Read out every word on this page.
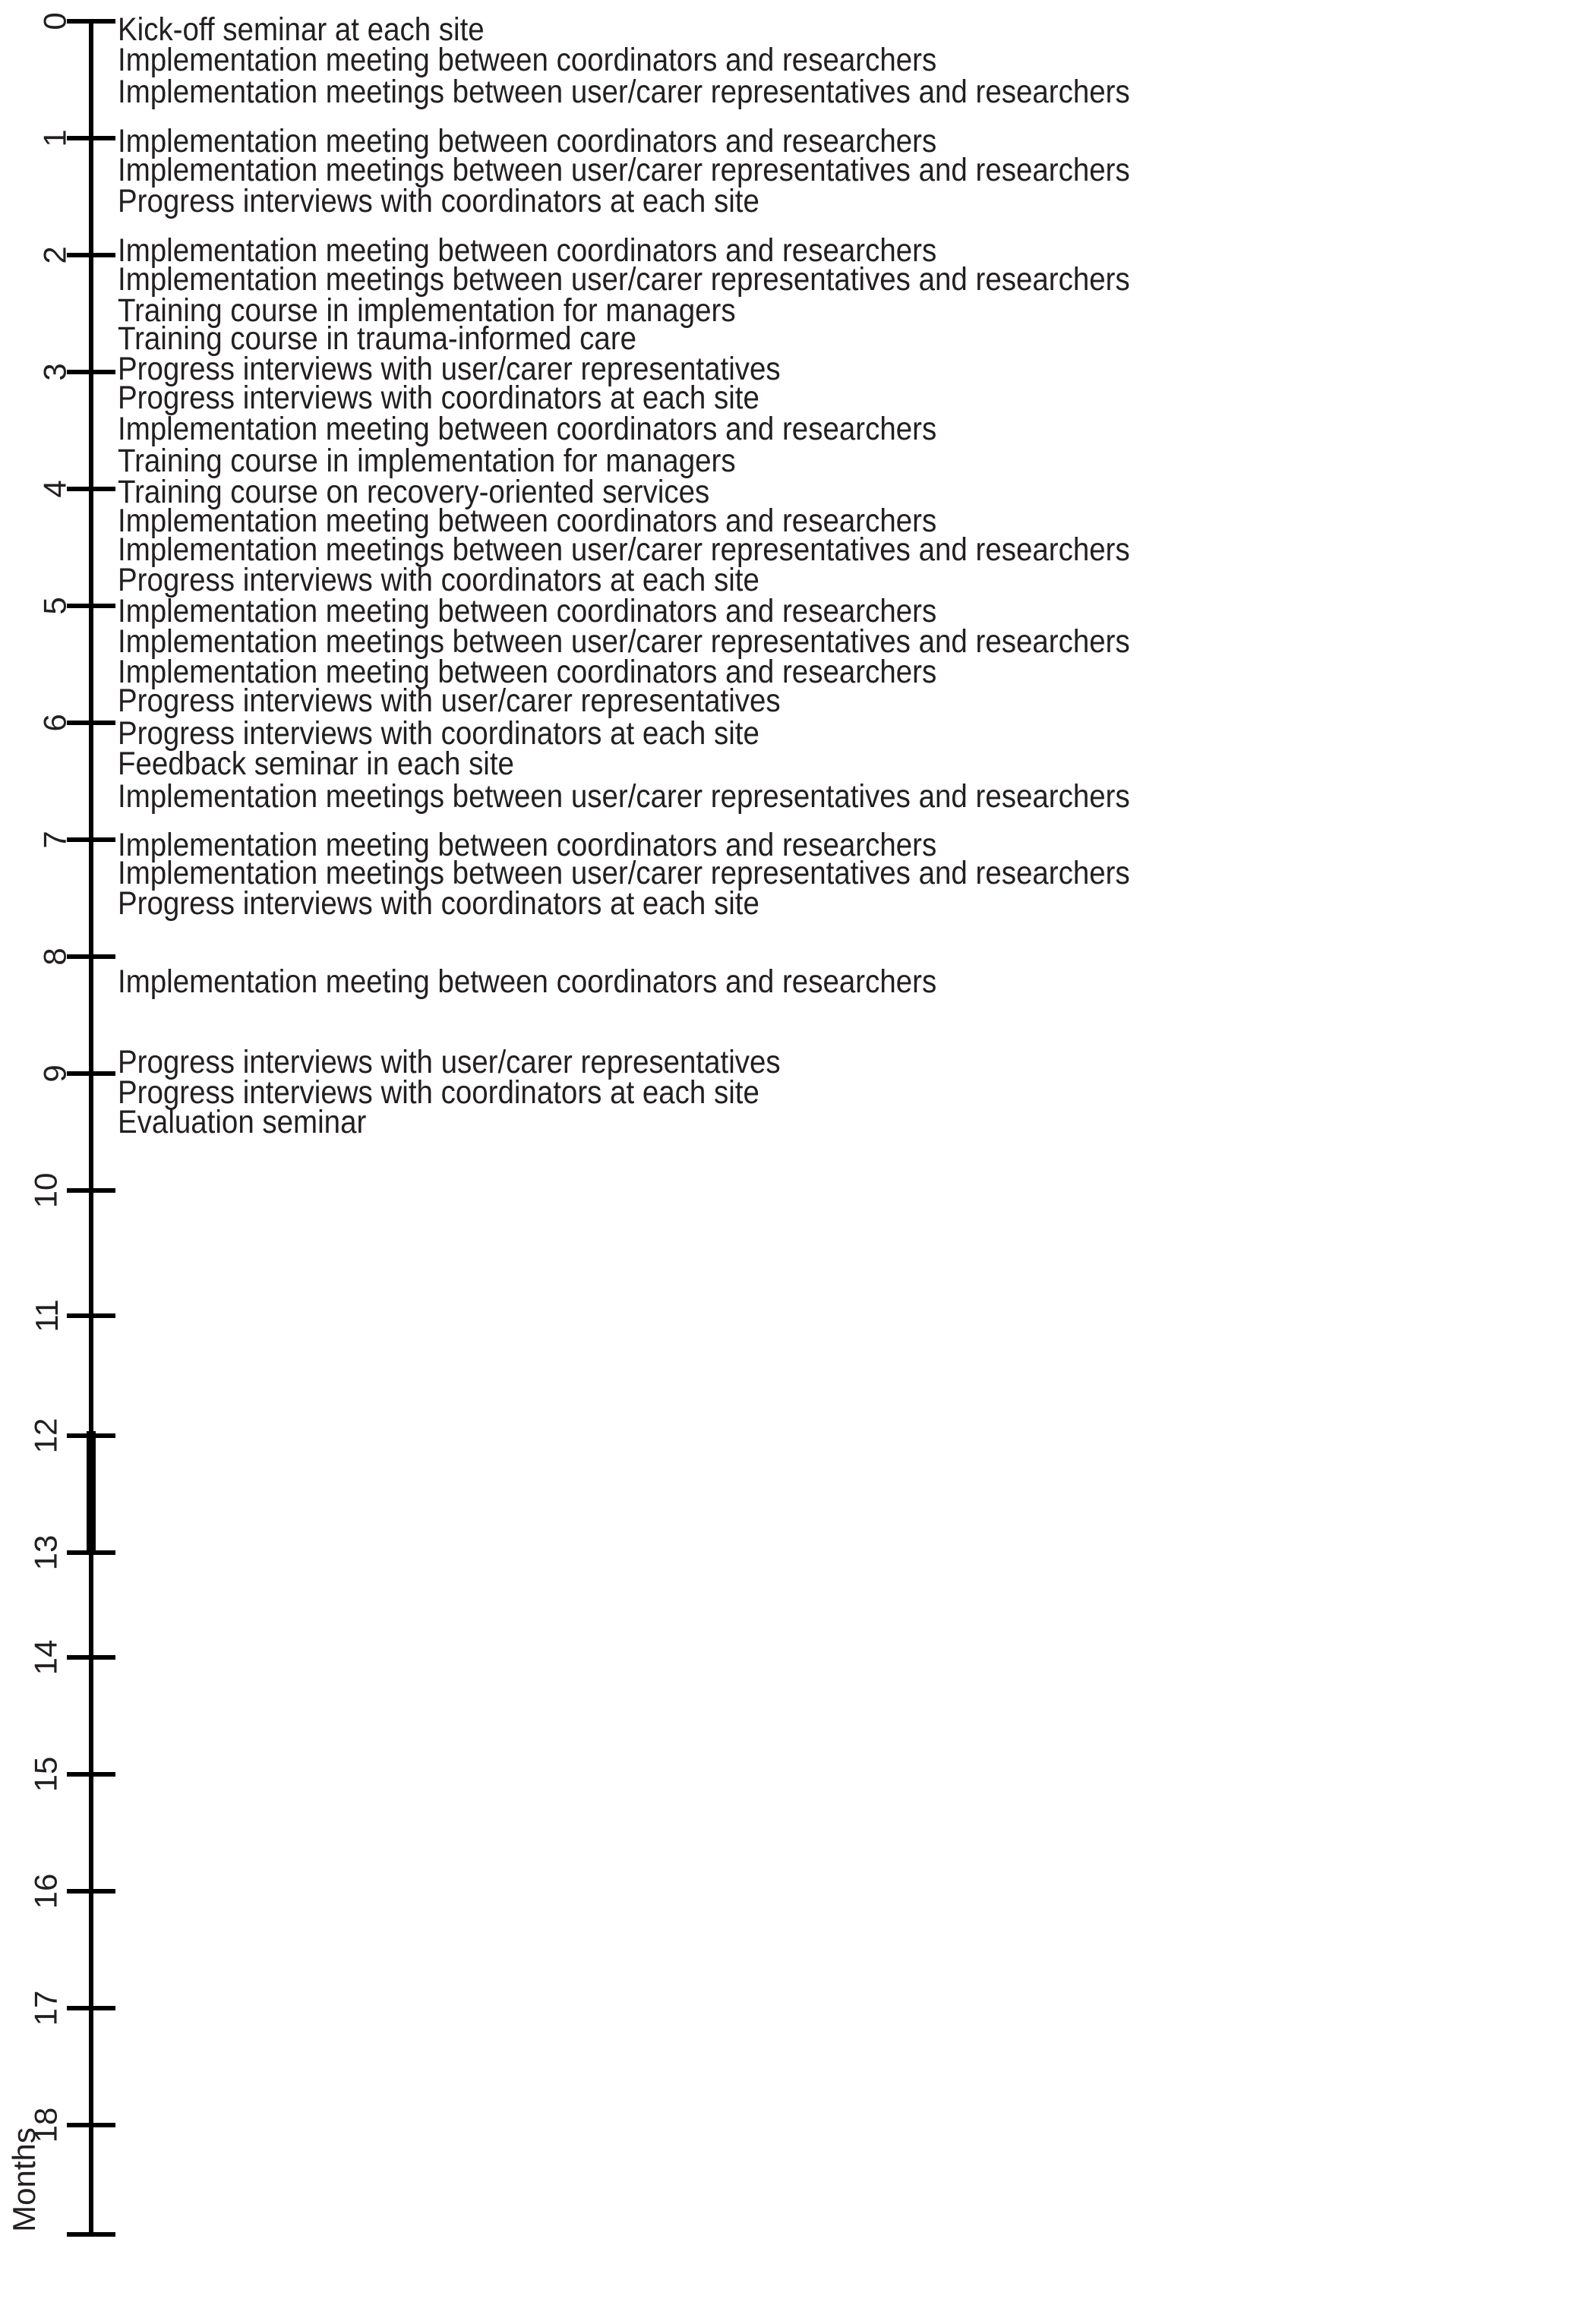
0
1
2
3
4
5
6
7
8
9
10
11
12
13
14
15
16
17
18
Months
Kick-off seminar at each site
Implementation meeting between coordinators and researchers
Implementation meetings between user/carer representatives and researchers
Implementation meeting between coordinators and researchers
Implementation meetings between user/carer representatives and researchers
Progress interviews with coordinators at each site
Implementation meeting between coordinators and researchers
Implementation meetings between user/carer representatives and researchers
Training course in implementation for managers
Training course in trauma-informed care
Progress interviews with user/carer representatives
Progress interviews with coordinators at each site
Implementation meeting between coordinators and researchers
Training course in implementation for managers
Training course on recovery-oriented services
Implementation meeting between coordinators and researchers
Implementation meetings between user/carer representatives and researchers
Progress interviews with coordinators at each site
Implementation meeting between coordinators and researchers
Implementation meetings between user/carer representatives and researchers
Implementation meeting between coordinators and researchers
Progress interviews with user/carer representatives
Progress interviews with coordinators at each site
Feedback seminar in each site
Implementation meetings between user/carer representatives and researchers
Implementation meeting between coordinators and researchers
Implementation meetings between user/carer representatives and researchers
Progress interviews with coordinators at each site
Implementation meeting between coordinators and researchers
Progress interviews with user/carer representatives
Progress interviews with coordinators at each site
Evaluation seminar
